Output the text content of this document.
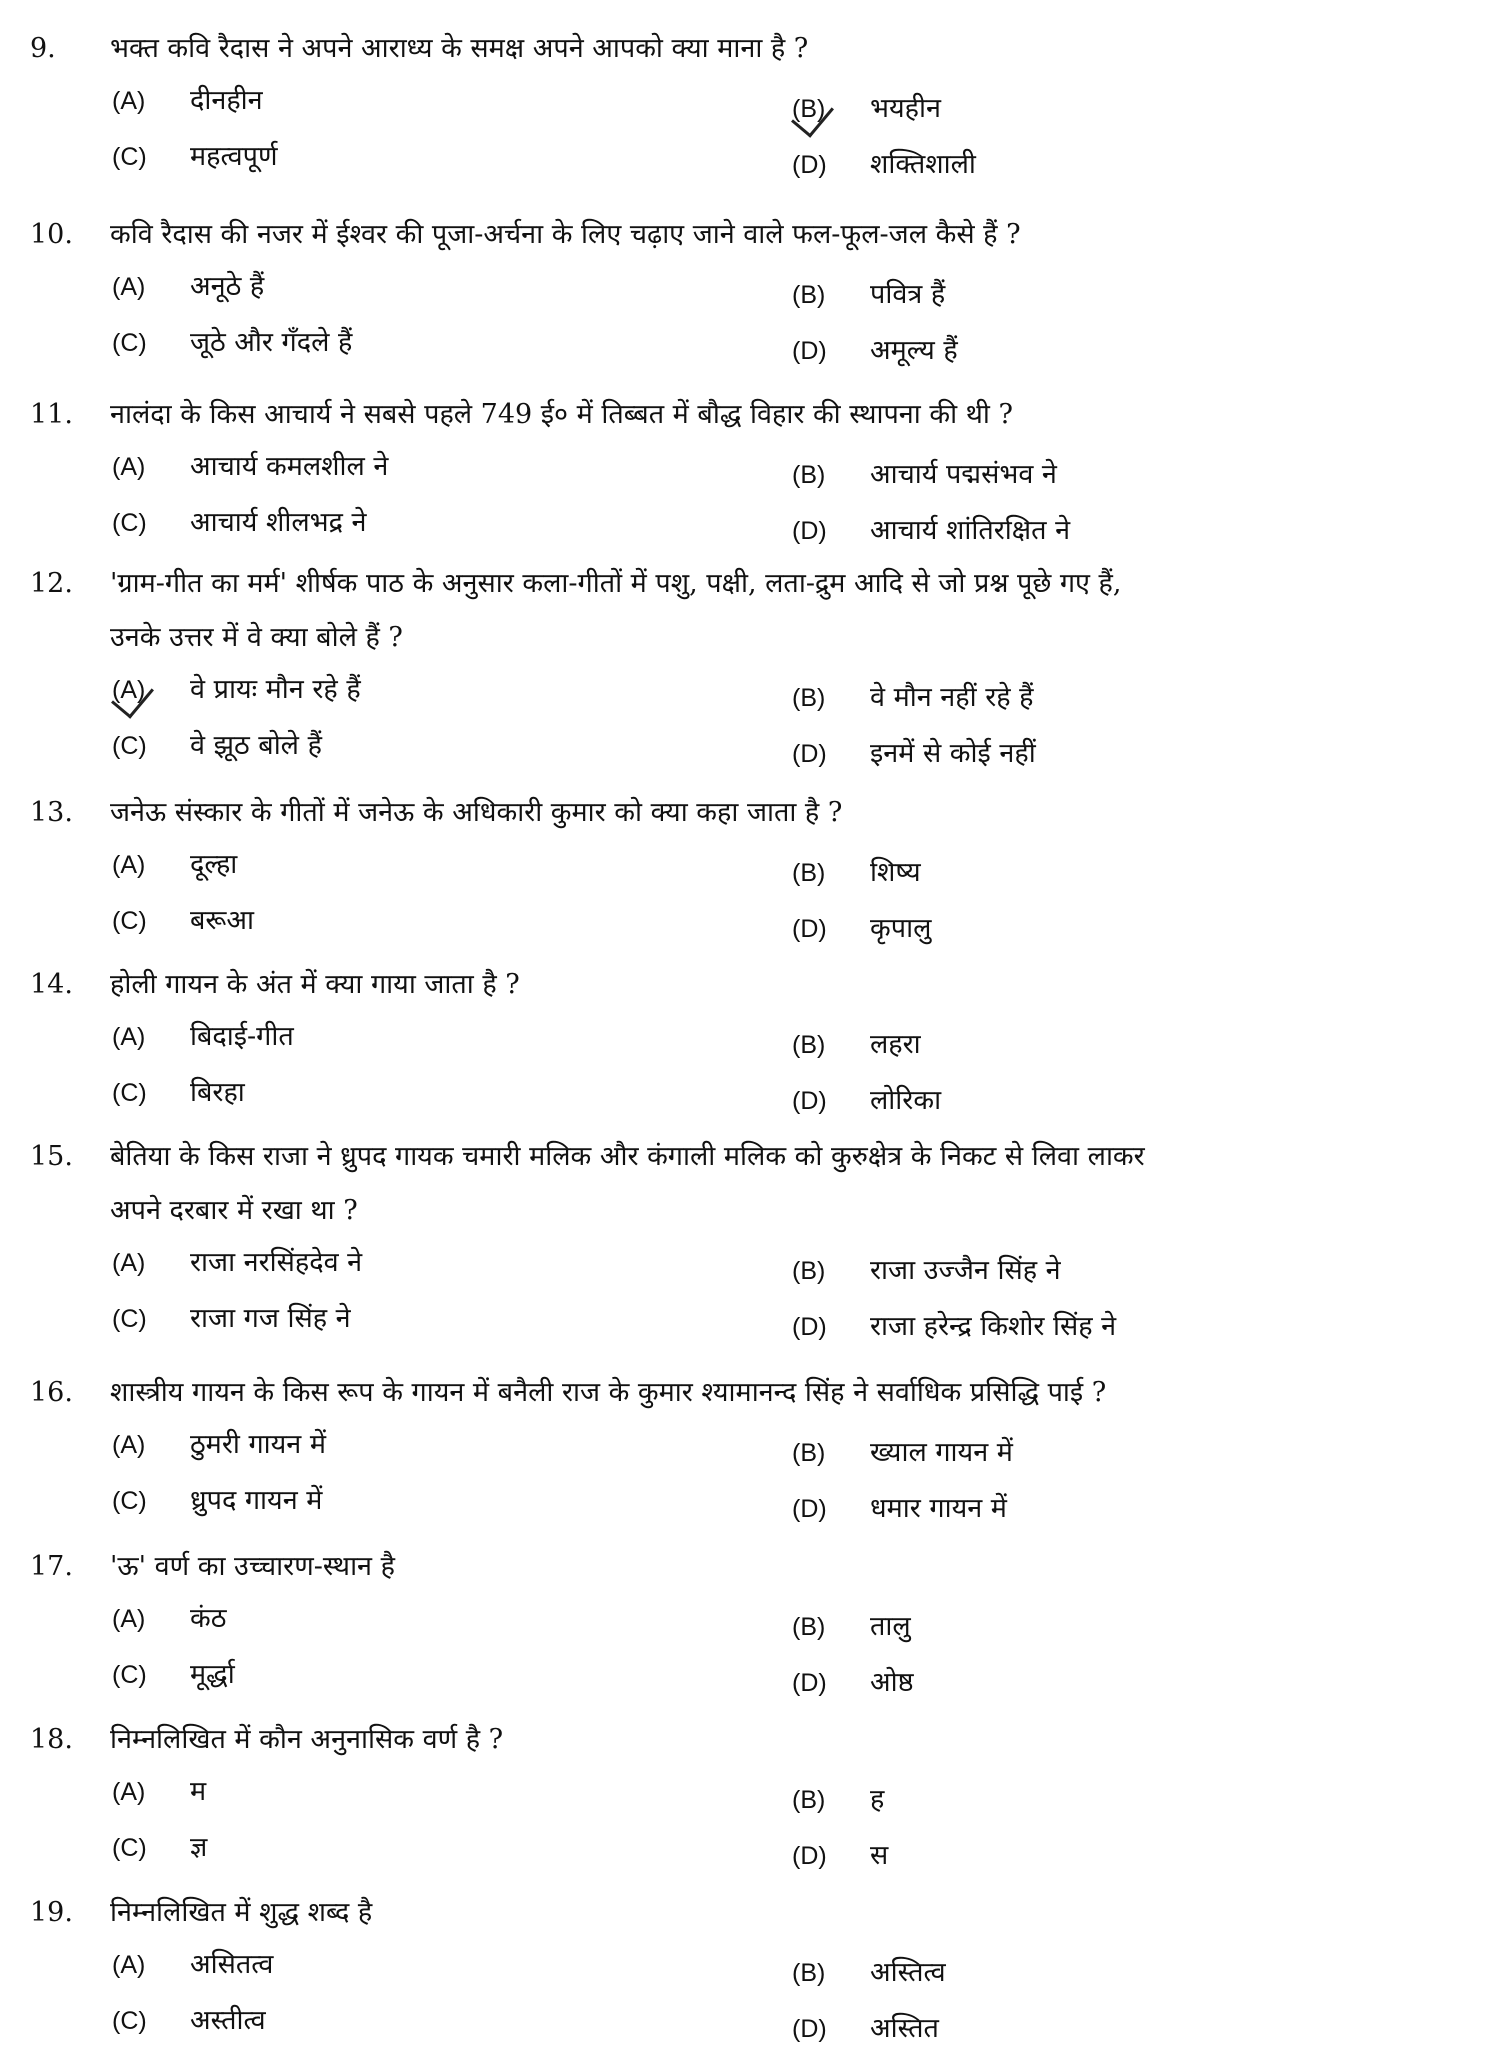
9.	भक्त कवि रैदास ने अपने आराध्य के समक्ष अपने आपको क्या माना है ?
(A)	दीनहीन	(B)	भयहीन
(C)	महत्वपूर्ण	(D)	शक्तिशाली
10.	कवि रैदास की नजर में ईश्वर की पूजा-अर्चना के लिए चढ़ाए जाने वाले फल-फूल-जल कैसे हैं ?
(A)	अनूठे हैं	(B)	पवित्र हैं
(C)	जूठे और गँदले हैं	(D)	अमूल्य हैं
11.	नालंदा के किस आचार्य ने सबसे पहले 749 ई० में तिब्बत में बौद्ध विहार की स्थापना की थी ?
(A)	आचार्य कमलशील ने	(B)	आचार्य पद्मसंभव ने
(C)	आचार्य शीलभद्र ने	(D)	आचार्य शांतिरक्षित ने
12.	'ग्राम-गीत का मर्म' शीर्षक पाठ के अनुसार कला-गीतों में पशु, पक्षी, लता-द्रुम आदि से जो प्रश्न पूछे गए हैं,
उनके उत्तर में वे क्या बोले हैं ?
(A)	वे प्रायः मौन रहे हैं	(B)	वे मौन नहीं रहे हैं
(C)	वे झूठ बोले हैं	(D)	इनमें से कोई नहीं
13.	जनेऊ संस्कार के गीतों में जनेऊ के अधिकारी कुमार को क्या कहा जाता है ?
(A)	दूल्हा	(B)	शिष्य
(C)	बरूआ	(D)	कृपालु
14.	होली गायन के अंत में क्या गाया जाता है ?
(A)	बिदाई-गीत	(B)	लहरा
(C)	बिरहा	(D)	लोरिका
15.	बेतिया के किस राजा ने ध्रुपद गायक चमारी मलिक और कंगाली मलिक को कुरुक्षेत्र के निकट से लिवा लाकर
अपने दरबार में रखा था ?
(A)	राजा नरसिंहदेव ने	(B)	राजा उज्जैन सिंह ने
(C)	राजा गज सिंह ने	(D)	राजा हरेन्द्र किशोर सिंह ने
16.	शास्त्रीय गायन के किस रूप के गायन में बनैली राज के कुमार श्यामानन्द सिंह ने सर्वाधिक प्रसिद्धि पाई ?
(A)	ठुमरी गायन में	(B)	ख्याल गायन में
(C)	ध्रुपद गायन में	(D)	धमार गायन में
17.	'ऊ' वर्ण का उच्चारण-स्थान है
(A)	कंठ	(B)	तालु
(C)	मूर्द्धा	(D)	ओष्ठ
18.	निम्नलिखित में कौन अनुनासिक वर्ण है ?
(A)	म	(B)	ह
(C)	ज्ञ	(D)	स
19.	निम्नलिखित में शुद्ध शब्द है
(A)	असितत्व	(B)	अस्तित्व
(C)	अस्तीत्व	(D)	अस्तित
